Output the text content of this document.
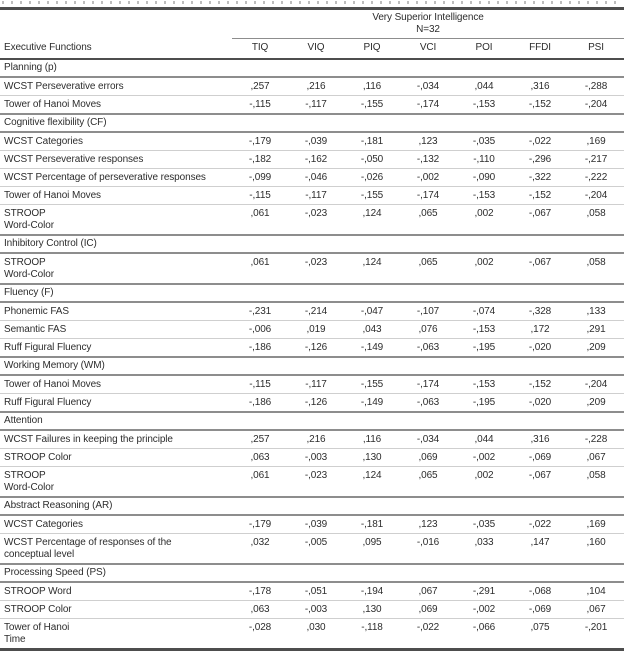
	Very Superior Intelligence
N=32						

Executive Functions	TIQ	VIQ	PIQ	VCI	POI	FFDI	PSI
Planning (p)							

WCST Perseverative errors	,257	,216	,116	-,034	,044	,316	-,288

Tower of Hanoi Moves	-,115	-,117	-,155	-,174	-,153	-,152	-,204
Cognitive flexibility (CF)							

WCST Categories	-,179	-,039	-,181	,123	-,035	-,022	,169

WCST Perseverative responses	-,182	-,162	-,050	-,132	-,110	-,296	-,217

WCST Percentage of perseverative responses	-,099	-,046	-,026	-,002	-,090	-,322	-,222

Tower of Hanoi Moves	-,115	-,117	-,155	-,174	-,153	-,152	-,204

STROOP
Word-Color	,061	-,023	,124	,065	,002	-,067	,058
Inhibitory Control (IC)							

STROOP
Word-Color	,061	-,023	,124	,065	,002	-,067	,058
Fluency (F)							

Phonemic FAS	-,231	-,214	-,047	-,107	-,074	-,328	,133

Semantic FAS	-,006	,019	,043	,076	-,153	,172	,291

Ruff Figural Fluency	-,186	-,126	-,149	-,063	-,195	-,020	,209
Working Memory (WM)							

Tower of Hanoi Moves	-,115	-,117	-,155	-,174	-,153	-,152	-,204

Ruff Figural Fluency	-,186	-,126	-,149	-,063	-,195	-,020	,209
Attention							

WCST Failures in keeping the principle	,257	,216	,116	-,034	,044	,316	-,228

STROOP Color	,063	-,003	,130	,069	-,002	-,069	,067

STROOP
Word-Color	,061	-,023	,124	,065	,002	-,067	,058
Abstract Reasoning (AR)							

WCST Categories	-,179	-,039	-,181	,123	-,035	-,022	,169

WCST Percentage of responses of the
conceptual level	,032	-,005	,095	-,016	,033	,147	,160
Processing Speed (PS)							

STROOP Word	-,178	-,051	-,194	,067	-,291	-,068	,104

STROOP Color	,063	-,003	,130	,069	-,002	-,069	,067

Tower of Hanoi
Time	-,028	,030	-,118	-,022	-,066	,075	-,201
